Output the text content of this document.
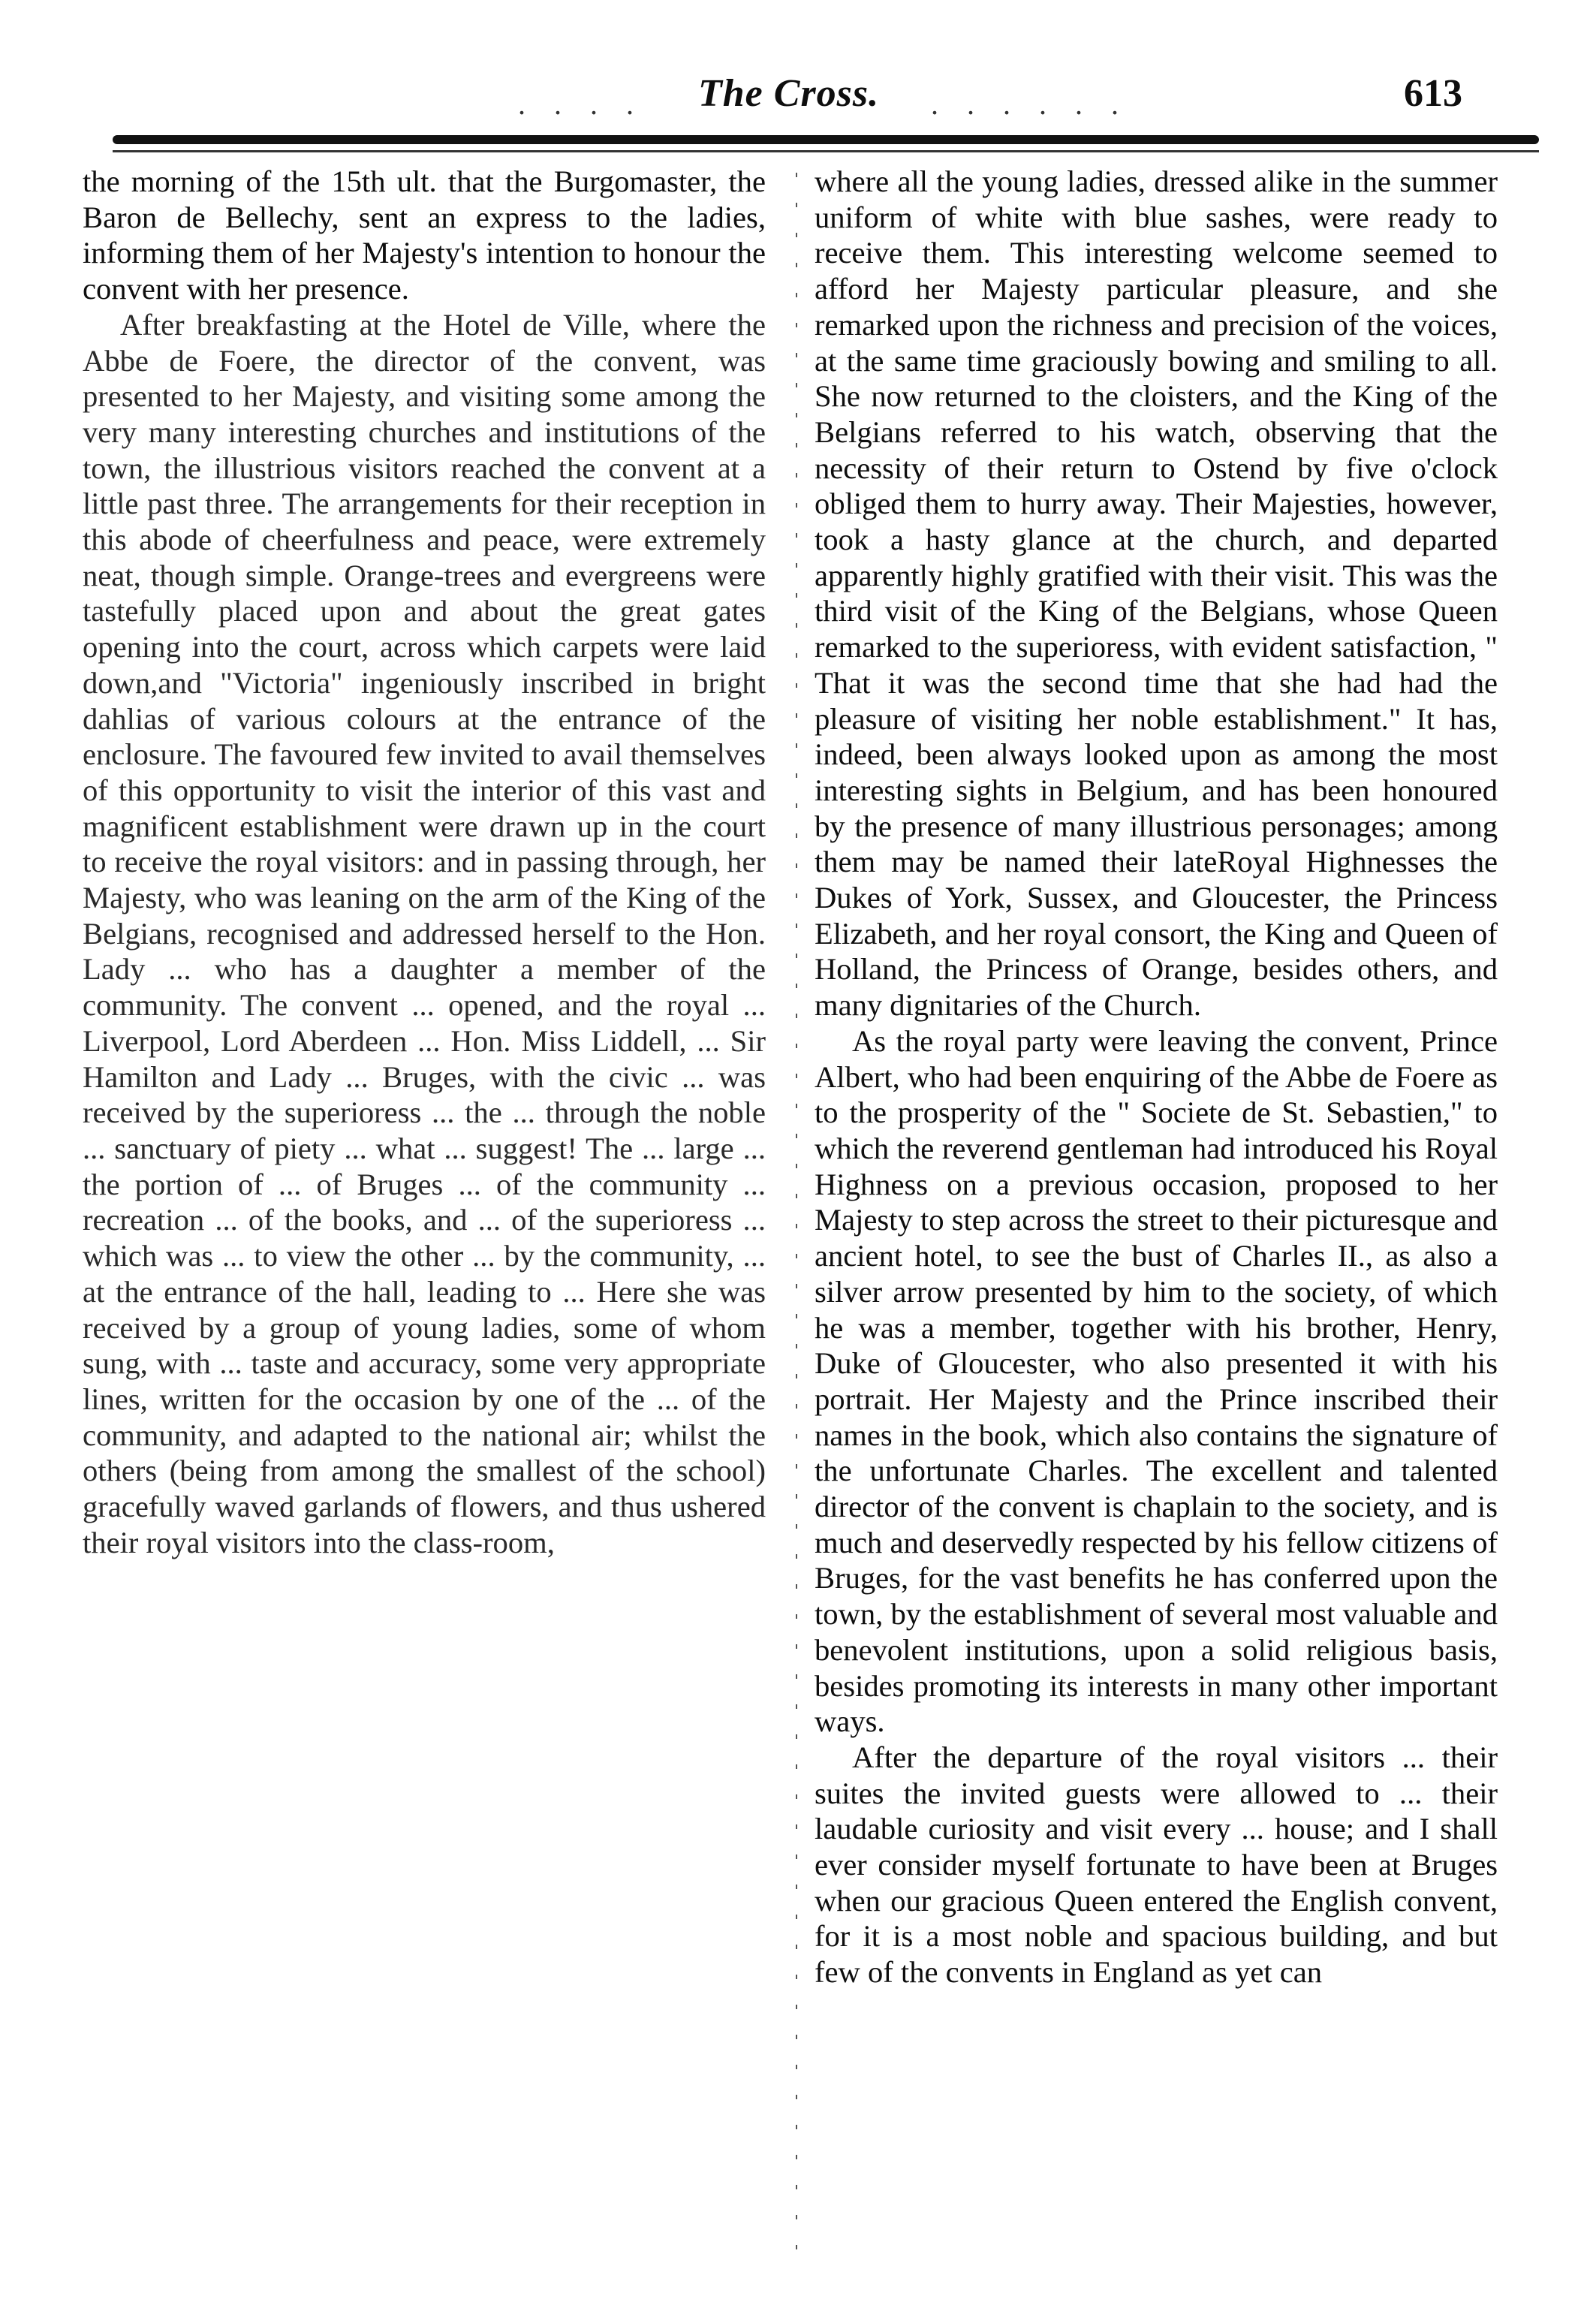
. . . . The Cross. . . . . . .	613

the morning of the 15th ult. that the Burgomaster, the Baron de Bellechy, sent an express to the ladies, informing them of her Majesty's intention to honour the convent with her presence.

After breakfasting at the Hotel de Ville, where the Abbe de Foere, the director of the convent, was presented to her Majesty, and visiting some among the very many interesting churches and institutions of the town, the illustrious visitors reached the convent at a little past three. The arrangements for their reception in this abode of cheerfulness and peace, were extremely neat, though simple. Orange-trees and evergreens were tastefully placed upon and about the great gates opening into the court, across which carpets were laid down,and "Victoria" ingeniously inscribed in bright dahlias of various colours at the entrance of the enclosure. The favoured few invited to avail themselves of this opportunity to visit the interior of this vast and magnificent establishment were drawn up in the court to receive the royal visitors: and in passing through, her Majesty, who was leaning on the arm of the King of the Belgians, recognised and addressed herself to the Hon. Lady ... who has a daughter a member of the community. The convent ... opened, and the royal ... Liverpool, Lord Aberdeen ... Hon. Miss Liddell, ... Sir Hamilton and Lady ... Bruges, with the civic ... was received by the superioress ... the ... through the noble ... sanctuary of piety ... what ... suggest! The ... large ... the portion of ... of Bruges ... of the community ... recreation ... of the books, and ... of the superioress ... which was ... to view the other ... by the community, ... at the entrance of the hall, leading to ... Here she was received by a group of young ladies, some of whom sung, with ... taste and accuracy, some very appropriate lines, written for the occasion by one of the ... of the community, and adapted to the national air; whilst the others (being from among the smallest of the school) gracefully waved garlands of flowers, and thus ushered their royal visitors into the class-room,

where all the young ladies, dressed alike in the summer uniform of white with blue sashes, were ready to receive them. This interesting welcome seemed to afford her Majesty particular pleasure, and she remarked upon the richness and precision of the voices, at the same time graciously bowing and smiling to all. She now returned to the cloisters, and the King of the Belgians referred to his watch, observing that the necessity of their return to Ostend by five o'clock obliged them to hurry away. Their Majesties, however, took a hasty glance at the church, and departed apparently highly gratified with their visit. This was the third visit of the King of the Belgians, whose Queen remarked to the superioress, with evident satisfaction, " That it was the second time that she had had the pleasure of visiting her noble establishment." It has, indeed, been always looked upon as among the most interesting sights in Belgium, and has been honoured by the presence of many illustrious personages; among them may be named their lateRoyal Highnesses the Dukes of York, Sussex, and Gloucester, the Princess Elizabeth, and her royal consort, the King and Queen of Holland, the Princess of Orange, besides others, and many dignitaries of the Church.

As the royal party were leaving the convent, Prince Albert, who had been enquiring of the Abbe de Foere as to the prosperity of the " Societe de St. Sebastien," to which the reverend gentleman had introduced his Royal Highness on a previous occasion, proposed to her Majesty to step across the street to their picturesque and ancient hotel, to see the bust of Charles II., as also a silver arrow presented by him to the society, of which he was a member, together with his brother, Henry, Duke of Gloucester, who also presented it with his portrait. Her Majesty and the Prince inscribed their names in the book, which also contains the signature of the unfortunate Charles. The excellent and talented director of the convent is chaplain to the society, and is much and deservedly respected by his fellow citizens of Bruges, for the vast benefits he has conferred upon the town, by the establishment of several most valuable and benevolent institutions, upon a solid religious basis, besides promoting its interests in many other important ways.

After the departure of the royal visitors ... their suites the invited guests were allowed to ... their laudable curiosity and visit every ... house; and I shall ever consider myself fortunate to have been at Bruges when our gracious Queen entered the English convent, for it is a most noble and spacious building, and but few of the convents in England as yet can
